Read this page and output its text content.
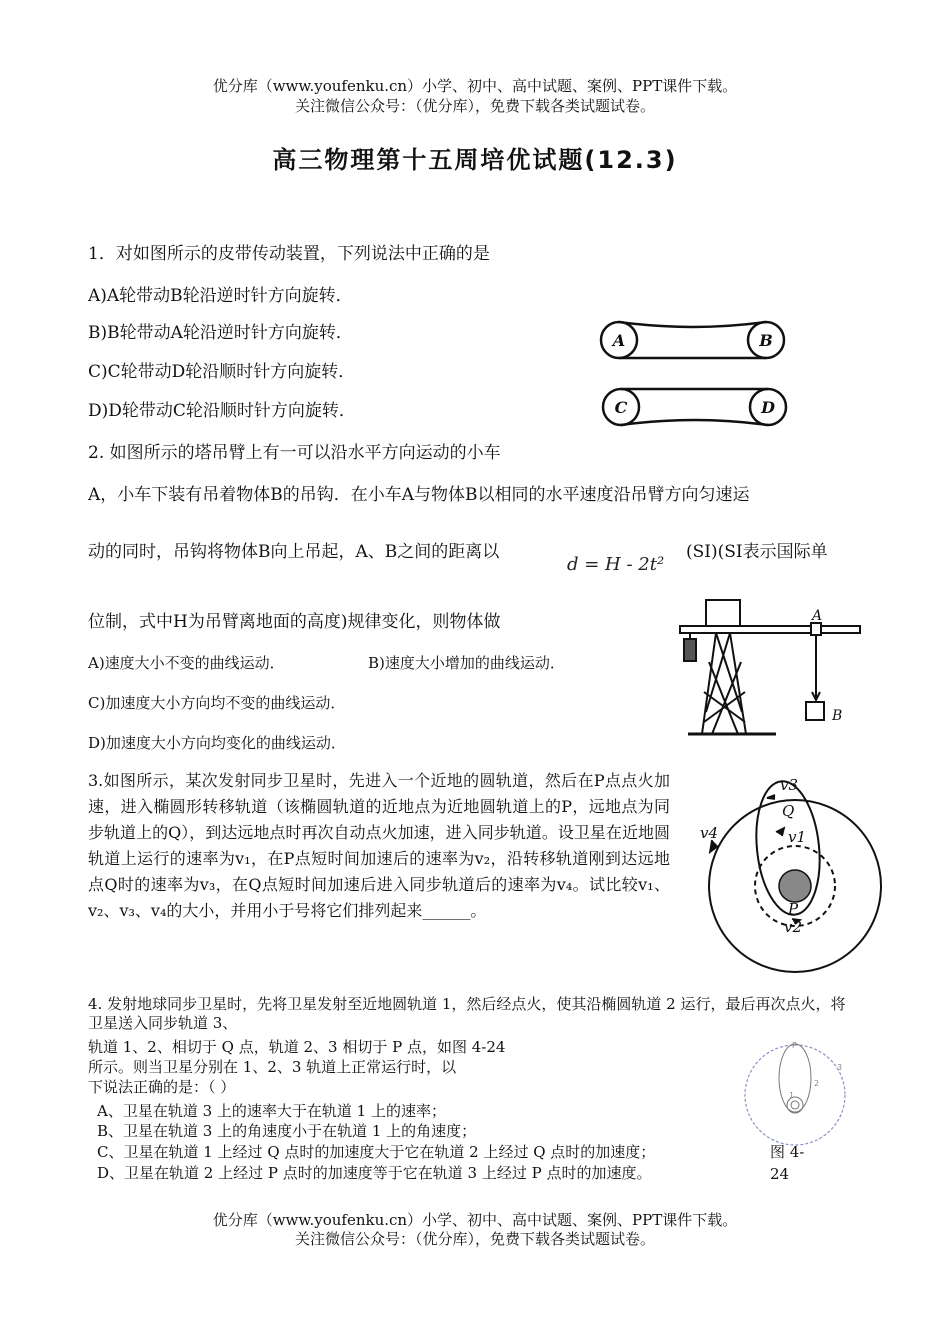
优分库（www.youfenku.cn）小学、初中、高中试题、案例、PPT课件下载。
关注微信公众号：（优分库），免费下载各类试题试卷。
高三物理第十五周培优试题(12.3)
1．对如图所示的皮带传动装置，下列说法中正确的是
A)A轮带动B轮沿逆时针方向旋转．
B)B轮带动A轮沿逆时针方向旋转．
C)C轮带动D轮沿顺时针方向旋转．
D)D轮带动C轮沿顺时针方向旋转．
A	B
C	D
2. 如图所示的塔吊臂上有一可以沿水平方向运动的小车
A，小车下装有吊着物体B的吊钩．在小车A与物体B以相同的水平速度沿吊臂方向匀速运
动的同时，吊钩将物体B向上吊起，A、B之间的距离以
d = H - 2t²
(SI)(SI表示国际单
位制，式中H为吊臂离地面的高度)规律变化，则物体做
A)速度大小不变的曲线运动．	B)速度大小增加的曲线运动．
C)加速度大小方向均不变的曲线运动．
D)加速度大小方向均变化的曲线运动．
A
B
3.如图所示，某次发射同步卫星时，先进入一个近地的圆轨道，然后在P点点火加速，进入椭圆形转移轨道（该椭圆轨道的近地点为近地圆轨道上的P，远地点为同步轨道上的Q），到达远地点时再次自动点火加速，进入同步轨道。设卫星在近地圆轨道上运行的速率为v₁，在P点短时间加速后的速率为v₂，沿转移轨道刚到达远地点Q时的速率为v₃，在Q点短时间加速后进入同步轨道后的速率为v₄。试比较v₁、v₂、v₃、v₄的大小，并用小于号将它们排列起来______。
v3
Q
v4	v1
P
v2
4. 发射地球同步卫星时，先将卫星发射至近地圆轨道 1，然后经点火，使其沿椭圆轨道 2 运行，最后再次点火，将卫星送入同步轨道 3、
轨道 1、2、相切于 Q 点，轨道 2、3 相切于 P 点，如图 4-24
所示。则当卫星分别在 1、2、3 轨道上正常运行时，以
下说法正确的是：（ ）
A、卫星在轨道 3 上的速率大于在轨道 1 上的速率；
B、卫星在轨道 3 上的角速度小于在轨道 1 上的角速度；
C、卫星在轨道 1 上经过 Q 点时的加速度大于它在轨道 2 上经过 Q 点时的加速度；
D、卫星在轨道 2 上经过 P 点时的加速度等于它在轨道 3 上经过 P 点时的加速度。
图 4-
24
P
1
2
3
优分库（www.youfenku.cn）小学、初中、高中试题、案例、PPT课件下载。
关注微信公众号：（优分库），免费下载各类试题试卷。
